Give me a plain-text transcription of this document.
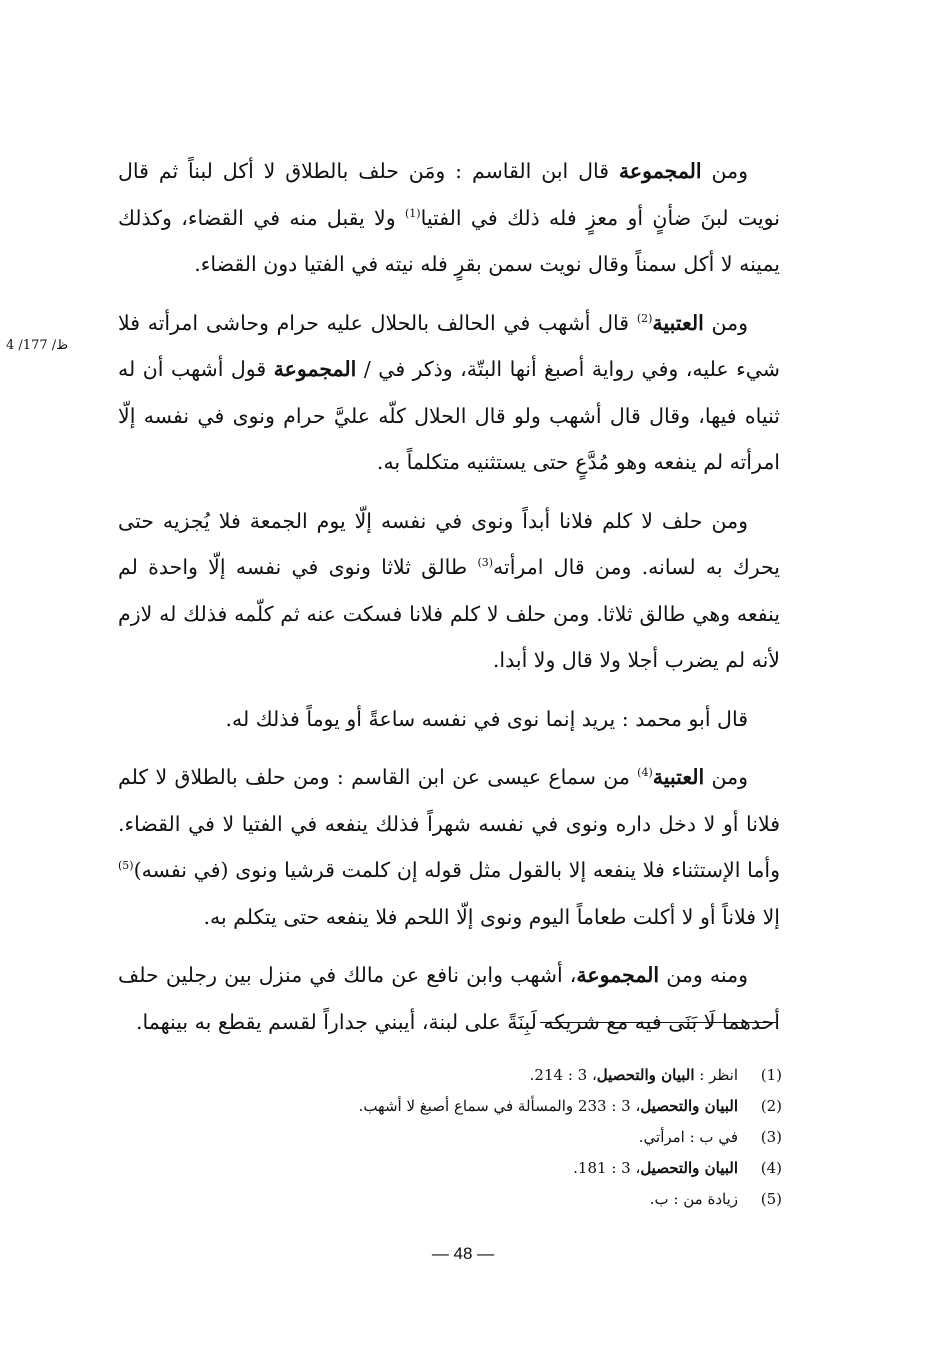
ومن المجموعة قال ابن القاسم : ومَن حلف بالطلاق لا أكل لبناً ثم قال نويت لبنَ ضأنٍ أو معزٍ فله ذلك في الفتيا$^{(1)}$ ولا يقبل منه في القضاء، وكذلك يمينه لا أكل سمناً وقال نويت سمن بقرٍ فله نيته في الفتيا دون القضاء.

ومن العتبية$^{(2)}$ قال أشهب في الحالف بالحلال عليه حرام وحاشى امرأته فلا شيء عليه، وفي رواية أصبغ أنها البتّة، وذكر في / المجموعة قول أشهب أن له ثنياه فيها، وقال قال أشهب ولو قال الحلال كلّه عليَّ حرام ونوى في نفسه إلّا امرأته لم ينفعه وهو مُدَّعٍ حتى يستثنيه متكلماً به.

ومن حلف لا كلم فلانا أبداً ونوى في نفسه إلّا يوم الجمعة فلا يُجزيه حتى يحرك به لسانه. ومن قال امرأته$^{(3)}$ طالق ثلاثا ونوى في نفسه إلّا واحدة لم ينفعه وهي طالق ثلاثا. ومن حلف لا كلم فلانا فسكت عنه ثم كلّمه فذلك له لازم لأنه لم يضرب أجلا ولا قال ولا أبدا.

قال أبو محمد : يريد إنما نوى في نفسه ساعةً أو يوماً فذلك له.

ومن العتبية$^{(4)}$ من سماع عيسى عن ابن القاسم : ومن حلف بالطلاق لا كلم فلانا أو لا دخل داره ونوى في نفسه شهراً فذلك ينفعه في الفتيا لا في القضاء. وأما الإستثناء فلا ينفعه إلا بالقول مثل قوله إن كلمت قرشيا ونوى (في نفسه)$^{(5)}$ إلا فلاناً أو لا أكلت طعاماً اليوم ونوى إلّا اللحم فلا ينفعه حتى يتكلم به.

ومنه ومن المجموعة، أشهب وابن نافع عن مالك في منزل بين رجلين حلف أحدهما لَا بَنَى فيه مع شريكه لَبِنَةً على لبنة، أيبني جداراً لقسم يقطع به بينهما.

ظ/ 177/ 4
(1)
انظر : البيان والتحصيل، 3 : 214.
(2)
البيان والتحصيل، 3 : 233 والمسألة في سماع أصبغ لا أشهب.
(3)
في ب : امرأتي.
(4)
البيان والتحصيل، 3 : 181.
(5)
زيادة من : ب.
— 48 —
